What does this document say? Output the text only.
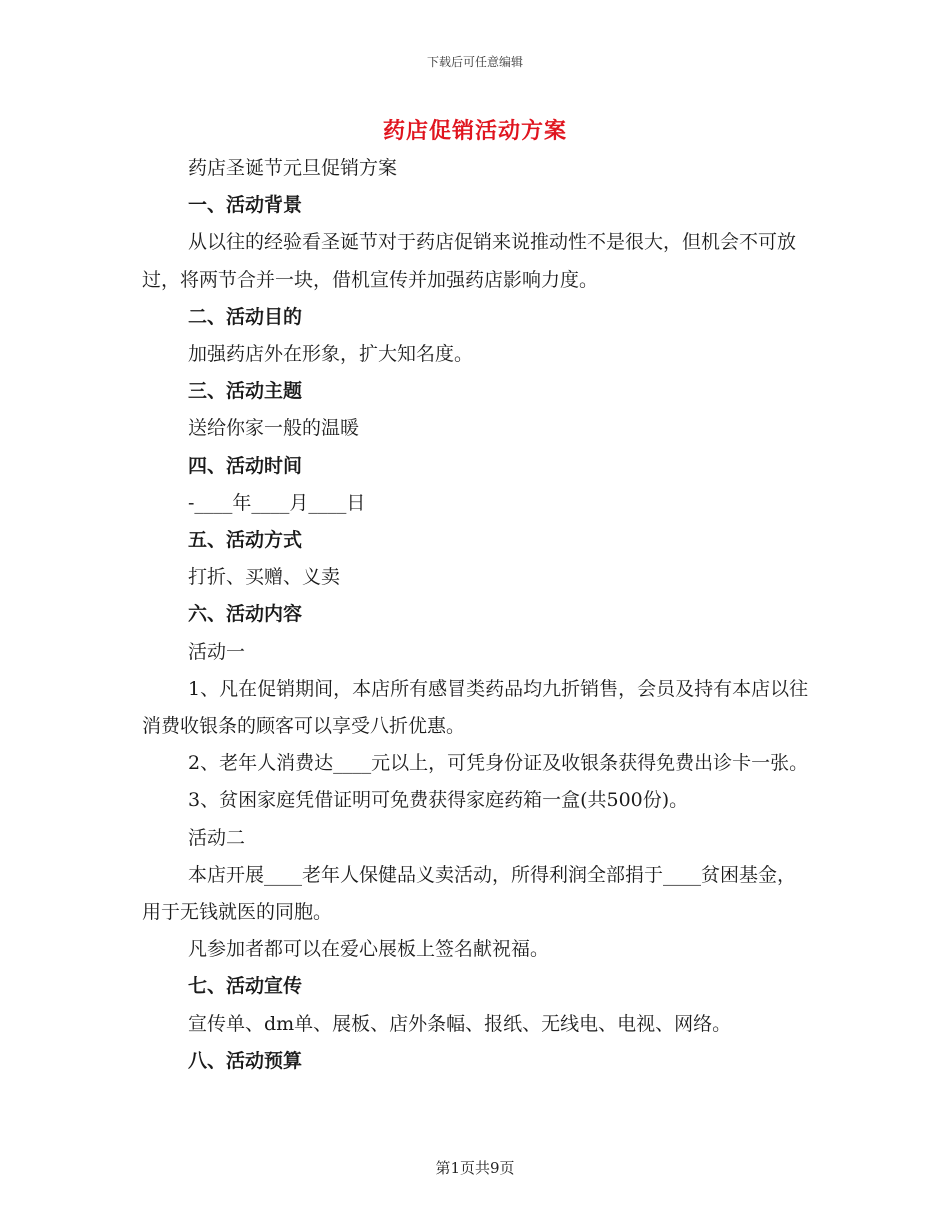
下载后可任意编辑
药店促销活动方案

药店圣诞节元旦促销方案

一、活动背景

从以往的经验看圣诞节对于药店促销来说推动性不是很大，但机会不可放过，将两节合并一块，借机宣传并加强药店影响力度。

二、活动目的

加强药店外在形象，扩大知名度。

三、活动主题

送给你家一般的温暖

四、活动时间

-____年____月____日

五、活动方式

打折、买赠、义卖

六、活动内容

活动一

1、凡在促销期间，本店所有感冒类药品均九折销售，会员及持有本店以往消费收银条的顾客可以享受八折优惠。

2、老年人消费达____元以上，可凭身份证及收银条获得免费出诊卡一张。

3、贫困家庭凭借证明可免费获得家庭药箱一盒(共500份)。

活动二

本店开展____老年人保健品义卖活动，所得利润全部捐于____贫困基金，用于无钱就医的同胞。

凡参加者都可以在爱心展板上签名献祝福。

七、活动宣传

宣传单、dm单、展板、店外条幅、报纸、无线电、电视、网络。

八、活动预算

第1页共9页
